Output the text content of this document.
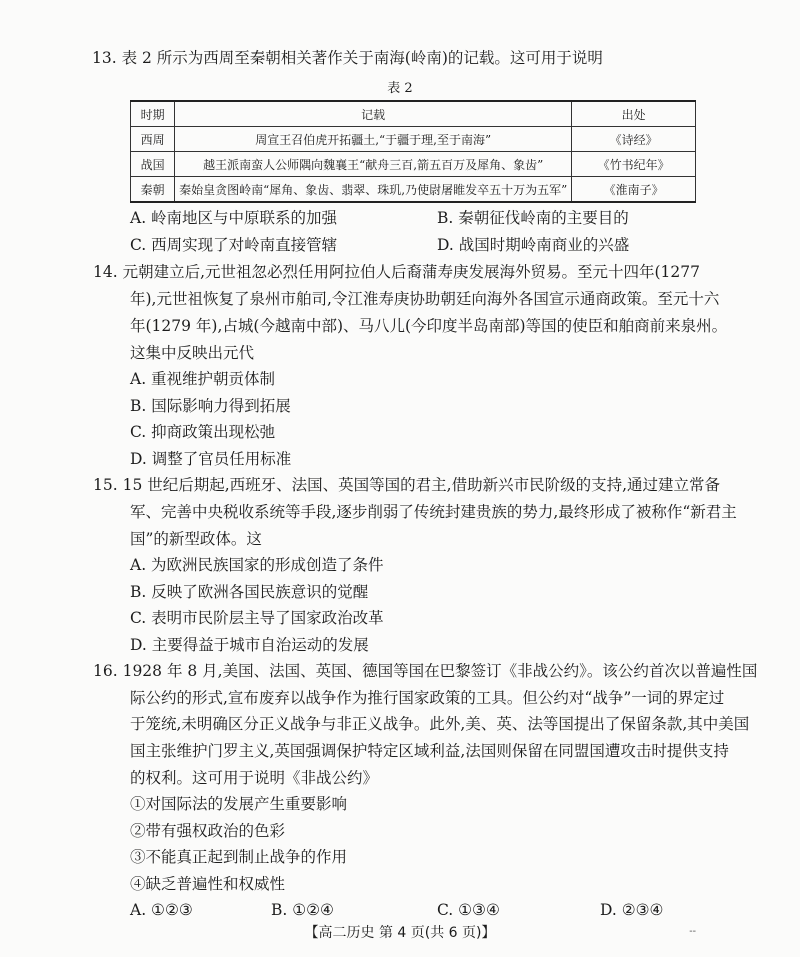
13. 表 2 所示为西周至秦朝相关著作关于南海(岭南)的记载。这可用于说明
表 2
时期	记载	出处
西周	周宣王召伯虎开拓疆土,“于疆于理,至于南海”	《诗经》
战国	越王派南蛮人公师隅向魏襄王“献舟三百,箭五百万及犀角、象齿”	《竹书纪年》
秦朝	秦始皇贪图岭南“犀角、象齿、翡翠、珠玑,乃使尉屠睢发卒五十万为五军”	《淮南子》
A. 岭南地区与中原联系的加强	B. 秦朝征伐岭南的主要目的
C. 西周实现了对岭南直接管辖	D. 战国时期岭南商业的兴盛
14. 元朝建立后,元世祖忽必烈任用阿拉伯人后裔蒲寿庚发展海外贸易。至元十四年(1277
年),元世祖恢复了泉州市舶司,令江淮寿庚协助朝廷向海外各国宣示通商政策。至元十六
年(1279 年),占城(今越南中部)、马八儿(今印度半岛南部)等国的使臣和舶商前来泉州。
这集中反映出元代
A. 重视维护朝贡体制
B. 国际影响力得到拓展
C. 抑商政策出现松弛
D. 调整了官员任用标准
15. 15 世纪后期起,西班牙、法国、英国等国的君主,借助新兴市民阶级的支持,通过建立常备
军、完善中央税收系统等手段,逐步削弱了传统封建贵族的势力,最终形成了被称作“新君主
国”的新型政体。这
A. 为欧洲民族国家的形成创造了条件
B. 反映了欧洲各国民族意识的觉醒
C. 表明市民阶层主导了国家政治改革
D. 主要得益于城市自治运动的发展
16. 1928 年 8 月,美国、法国、英国、德国等国在巴黎签订《非战公约》。该公约首次以普遍性国
际公约的形式,宣布废弃以战争作为推行国家政策的工具。但公约对“战争”一词的界定过
于笼统,未明确区分正义战争与非正义战争。此外,美、英、法等国提出了保留条款,其中美国
国主张维护门罗主义,英国强调保护特定区域利益,法国则保留在同盟国遭攻击时提供支持
的权利。这可用于说明《非战公约》
①对国际法的发展产生重要影响
②带有强权政治的色彩
③不能真正起到制止战争的作用
④缺乏普遍性和权威性
A. ①②③	B. ①②④	C. ①③④	D. ②③④
【高二历史 第 4 页(共 6 页)】	--
